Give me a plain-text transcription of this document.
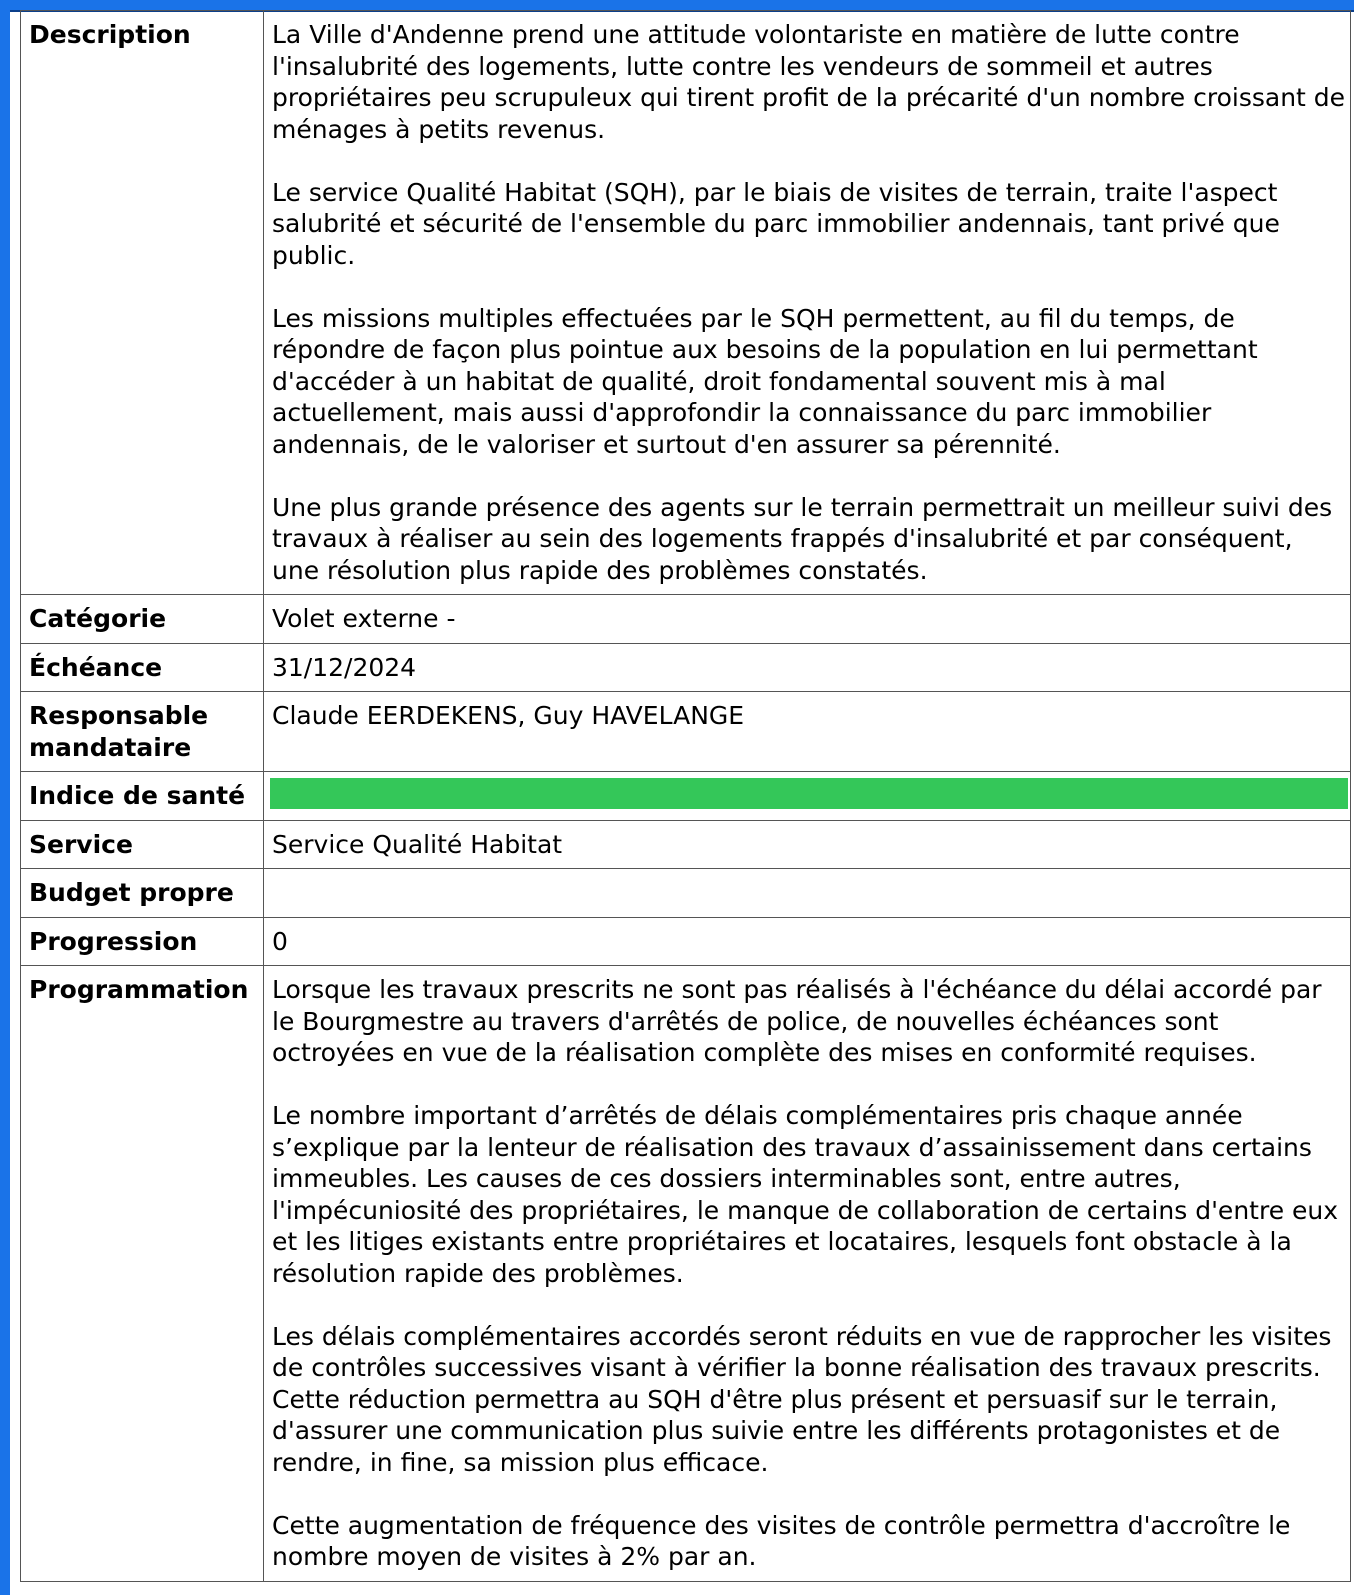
Description	La Ville d'Andenne prend une attitude volontariste en matière de lutte contre l'insalubrité des logements, lutte contre les vendeurs de sommeil et autres propriétaires peu scrupuleux qui tirent profit de la précarité d'un nombre croissant de ménages à petits revenus.

Le service Qualité Habitat (SQH), par le biais de visites de terrain, traite l'aspect salubrité et sécurité de l'ensemble du parc immobilier andennais, tant privé que public.

Les missions multiples effectuées par le SQH permettent, au fil du temps, de répondre de façon plus pointue aux besoins de la population en lui permettant d'accéder à un habitat de qualité, droit fondamental souvent mis à mal actuellement, mais aussi d'approfondir la connaissance du parc immobilier andennais, de le valoriser et surtout d'en assurer sa pérennité.

Une plus grande présence des agents sur le terrain permettrait un meilleur suivi des travaux à réaliser au sein des logements frappés d'insalubrité et par conséquent, une résolution plus rapide des problèmes constatés.

Catégorie	Volet externe -
Échéance	31/12/2024
Responsable mandataire	Claude EERDEKENS, Guy HAVELANGE
Indice de santé	

Service	Service Qualité Habitat
Budget propre	
Progression	0
Programmation	Lorsque les travaux prescrits ne sont pas réalisés à l'échéance du délai accordé par le Bourgmestre au travers d'arrêtés de police, de nouvelles échéances sont octroyées en vue de la réalisation complète des mises en conformité requises.

Le nombre important d’arrêtés de délais complémentaires pris chaque année s’explique par la lenteur de réalisation des travaux d’assainissement dans certains immeubles. Les causes de ces dossiers interminables sont, entre autres, l'impécuniosité des propriétaires, le manque de collaboration de certains d'entre eux et les litiges existants entre propriétaires et locataires, lesquels font obstacle à la résolution rapide des problèmes.

Les délais complémentaires accordés seront réduits en vue de rapprocher les visites de contrôles successives visant à vérifier la bonne réalisation des travaux prescrits. Cette réduction permettra au SQH d'être plus présent et persuasif sur le terrain, d'assurer une communication plus suivie entre les différents protagonistes et de rendre, in fine, sa mission plus efficace.

Cette augmentation de fréquence des visites de contrôle permettra d'accroître le nombre moyen de visites à 2% par an.
